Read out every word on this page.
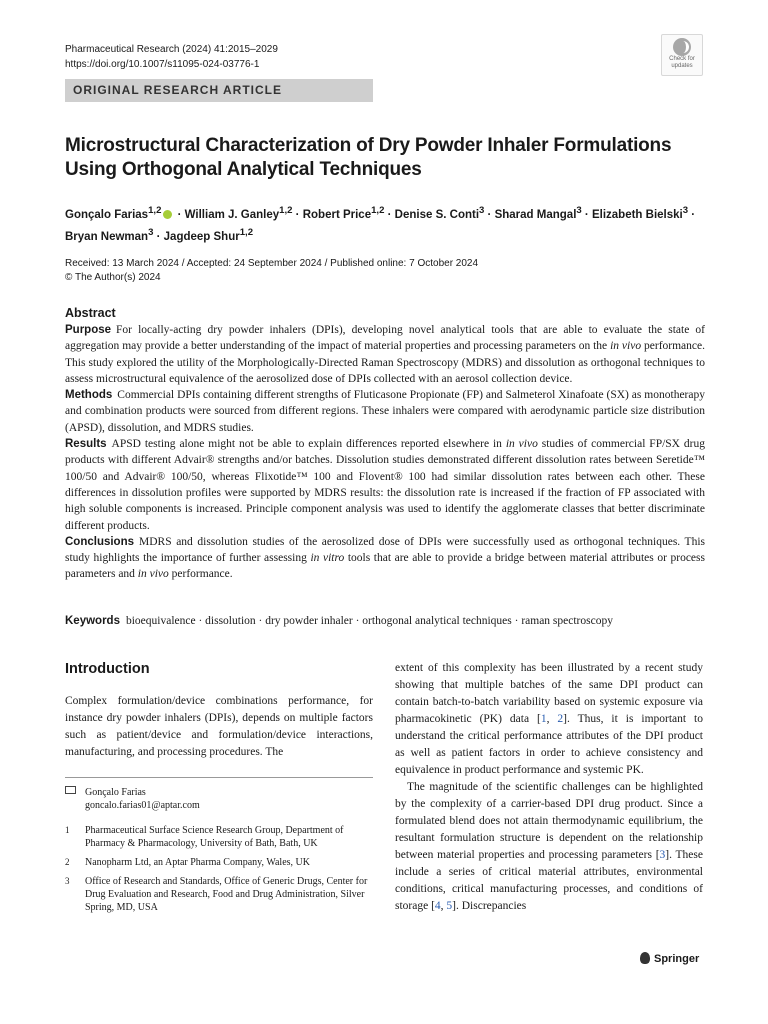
Pharmaceutical Research (2024) 41:2015–2029
https://doi.org/10.1007/s11095-024-03776-1	Check for
updates
ORIGINAL RESEARCH ARTICLE
Microstructural Characterization of Dry Powder Inhaler Formulations Using Orthogonal Analytical Techniques
Gonçalo Farias$^{1,2}$ · William J. Ganley$^{1,2}$ · Robert Price$^{1,2}$ · Denise S. Conti$^3$ · Sharad Mangal$^3$ · Elizabeth Bielski$^3$ ·
Bryan Newman$^3$ · Jagdeep Shur$^{1,2}$
Received: 13 March 2024 / Accepted: 24 September 2024 / Published online: 7 October 2024
© The Author(s) 2024

Abstract

Purpose For locally-acting dry powder inhalers (DPIs), developing novel analytical tools that are able to evaluate the state of aggregation may provide a better understanding of the impact of material properties and processing parameters on the in vivo performance. This study explored the utility of the Morphologically-Directed Raman Spectroscopy (MDRS) and dissolution as orthogonal techniques to assess microstructural equivalence of the aerosolized dose of DPIs collected with an aerosol collection device.

Methods Commercial DPIs containing different strengths of Fluticasone Propionate (FP) and Salmeterol Xinafoate (SX) as monotherapy and combination products were sourced from different regions. These inhalers were compared with aerodynamic particle size distribution (APSD), dissolution, and MDRS studies.

Results APSD testing alone might not be able to explain differences reported elsewhere in in vivo studies of commercial FP/SX drug products with different Advair® strengths and/or batches. Dissolution studies demonstrated different dissolution rates between Seretide™ 100/50 and Advair® 100/50, whereas Flixotide™ 100 and Flovent® 100 had similar dissolution rates between each other. These differences in dissolution profiles were supported by MDRS results: the dissolution rate is increased if the fraction of FP associated with high soluble components is increased. Principle component analysis was used to identify the agglomerate classes that better discriminate different products.

Conclusions MDRS and dissolution studies of the aerosolized dose of DPIs were successfully used as orthogonal techniques. This study highlights the importance of further assessing in vitro tools that are able to provide a bridge between material attributes or process parameters and in vivo performance.

Keywords bioequivalence · dissolution · dry powder inhaler · orthogonal analytical techniques · raman spectroscopy
Introduction

Complex formulation/device combinations performance, for instance dry powder inhalers (DPIs), depends on multiple factors such as patient/device and formulation/device interactions, manufacturing, and processing procedures. The

Gonçalo Farias
goncalo.farias01@aptar.com
1	Pharmaceutical Surface Science Research Group, Department of Pharmacy & Pharmacology, University of Bath, Bath, UK
2	Nanopharm Ltd, an Aptar Pharma Company, Wales, UK
3	Office of Research and Standards, Office of Generic Drugs, Center for Drug Evaluation and Research, Food and Drug Administration, Silver Spring, MD, USA

extent of this complexity has been illustrated by a recent study showing that multiple batches of the same DPI product can contain batch-to-batch variability based on systemic exposure via pharmacokinetic (PK) data [1, 2]. Thus, it is important to understand the critical performance attributes of the DPI product as well as patient factors in order to achieve consistency and equivalence in product performance and systemic PK.

The magnitude of the scientific challenges can be highlighted by the complexity of a carrier-based DPI drug product. Since a formulated blend does not attain thermodynamic equilibrium, the resultant formulation structure is dependent on the relationship between material properties and processing parameters [3]. These include a series of critical material attributes, environmental conditions, critical manufacturing processes, and conditions of storage [4, 5]. Discrepancies

Springer
